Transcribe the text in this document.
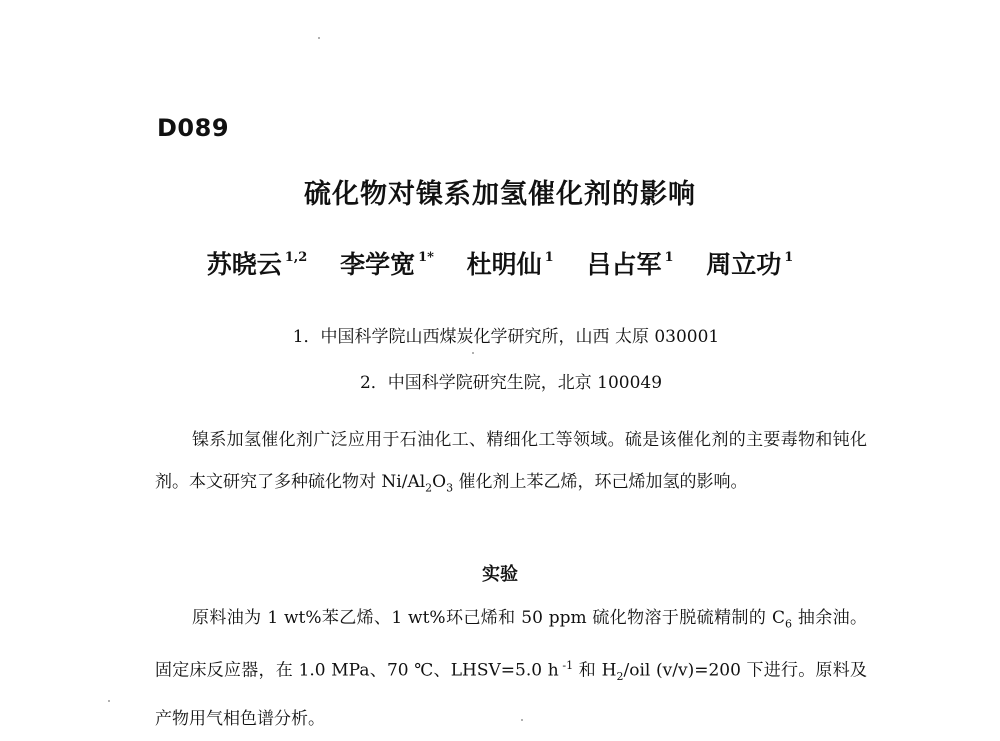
D089
硫化物对镍系加氢催化剂的影响
苏晓云 $^{1,2}$ 李学宽 $^{1*}$ 杜明仙 $^1$ 吕占军 $^1$ 周立功 $^1$
1．中国科学院山西煤炭化学研究所，山西 太原 030001
2．中国科学院研究生院，北京 100049
镍系加氢催化剂广泛应用于石油化工、精细化工等领域。硫是该催化剂的主要毒物和钝化剂。本文研究了多种硫化物对 $Ni/Al_2O_3$ 催化剂上苯乙烯，环己烯加氢的影响。
实验
原料油为 1 wt%苯乙烯、1 wt%环己烯和 50 ppm 硫化物溶于脱硫精制的 $C_6$ 抽余油。固定床反应器，在 1.0 MPa、70 ℃、LHSV=5.0 h $^{-1}$ 和 $H_2$/oil (v/v)=200 下进行。原料及产物用气相色谱分析。
